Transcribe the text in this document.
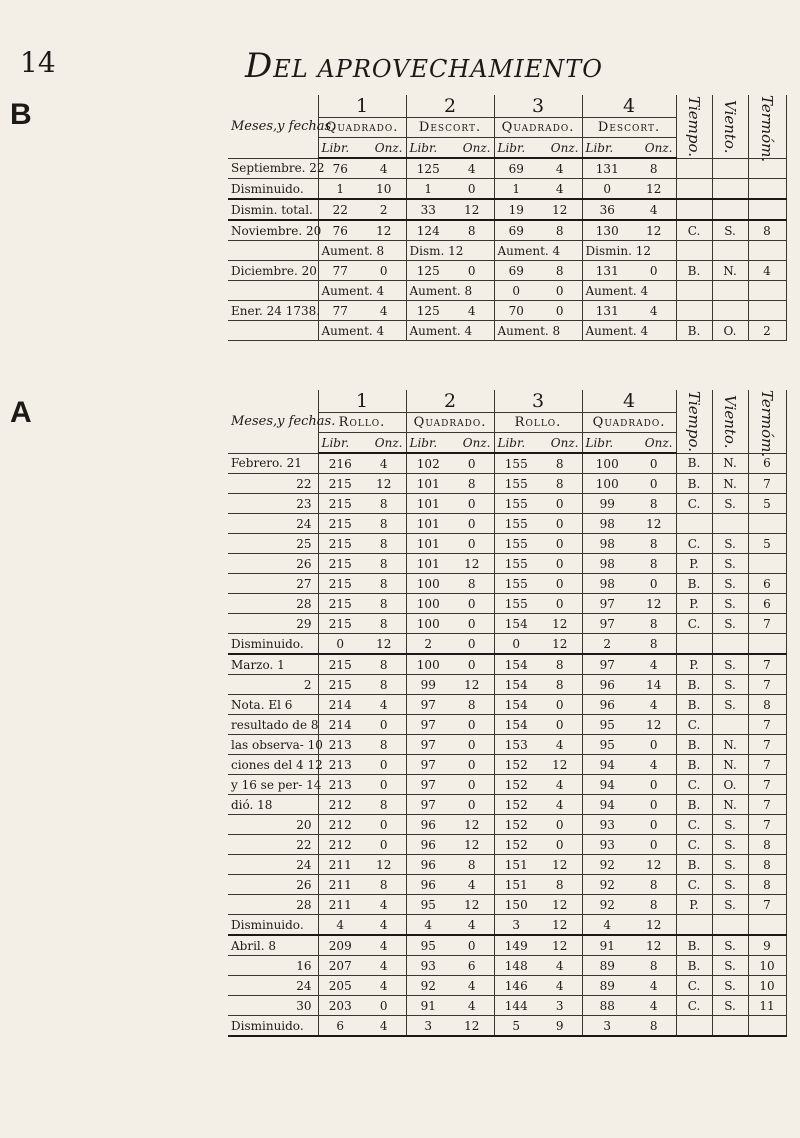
14	DEL APROVECHAMIENTO
B
A
Meses,y fechas.	1		2		3		4		Tiempo.	Viento.	Termóm.
	Quadrado.		Descort.		Quadrado.		Descort.				
	Libr.	Onz.	Libr.	Onz.	Libr.	Onz.	Libr.	Onz.			
Septiembre. 22	76	4	125	4	69	4	131	8			
Disminuido.	1	10	1	0	1	4	0	12			
Dismin. total.	22	2	33	12	19	12	36	4			
Noviembre. 20	76	12	124	8	69	8	130	12	C.	S.	8
	Aument. 8		Dism. 12		Aument. 4		Dismin. 12				
Diciembre. 20	77	0	125	0	69	8	131	0	B.	N.	4
	Aument. 4		Aument. 8		0	0	Aument. 4				
Ener. 24 1738.	77	4	125	4	70	0	131	4			
	Aument. 4		Aument. 4		Aument. 8		Aument. 4		B.	O.	2
Meses,y fechas.	1		2		3		4		Tiempo.	Viento.	Termóm.
	Rollo.		Quadrado.		Rollo.		Quadrado.				
	Libr.	Onz.	Libr.	Onz.	Libr.	Onz.	Libr.	Onz.			
Febrero. 21	216	4	102	0	155	8	100	0	B.	N.	6
22	215	12	101	8	155	8	100	0	B.	N.	7
23	215	8	101	0	155	0	99	8	C.	S.	5
24	215	8	101	0	155	0	98	12			
25	215	8	101	0	155	0	98	8	C.	S.	5
26	215	8	101	12	155	0	98	8	P.	S.	
27	215	8	100	8	155	0	98	0	B.	S.	6
28	215	8	100	0	155	0	97	12	P.	S.	6
29	215	8	100	0	154	12	97	8	C.	S.	7
Disminuido.	0	12	2	0	0	12	2	8			
Marzo. 1	215	8	100	0	154	8	97	4	P.	S.	7
2	215	8	99	12	154	8	96	14	B.	S.	7
Nota. El 6	214	4	97	8	154	0	96	4	B.	S.	8
resultado de 8	214	0	97	0	154	0	95	12	C.		7
las observa- 10	213	8	97	0	153	4	95	0	B.	N.	7
ciones del 4 12	213	0	97	0	152	12	94	4	B.	N.	7
y 16 se per- 14	213	0	97	0	152	4	94	0	C.	O.	7
dió. 18	212	8	97	0	152	4	94	0	B.	N.	7
20	212	0	96	12	152	0	93	0	C.	S.	7
22	212	0	96	12	152	0	93	0	C.	S.	8
24	211	12	96	8	151	12	92	12	B.	S.	8
26	211	8	96	4	151	8	92	8	C.	S.	8
28	211	4	95	12	150	12	92	8	P.	S.	7
Disminuido.	4	4	4	4	3	12	4	12			
Abril. 8	209	4	95	0	149	12	91	12	B.	S.	9
16	207	4	93	6	148	4	89	8	B.	S.	10
24	205	4	92	4	146	4	89	4	C.	S.	10
30	203	0	91	4	144	3	88	4	C.	S.	11
Disminuido.	6	4	3	12	5	9	3	8			
